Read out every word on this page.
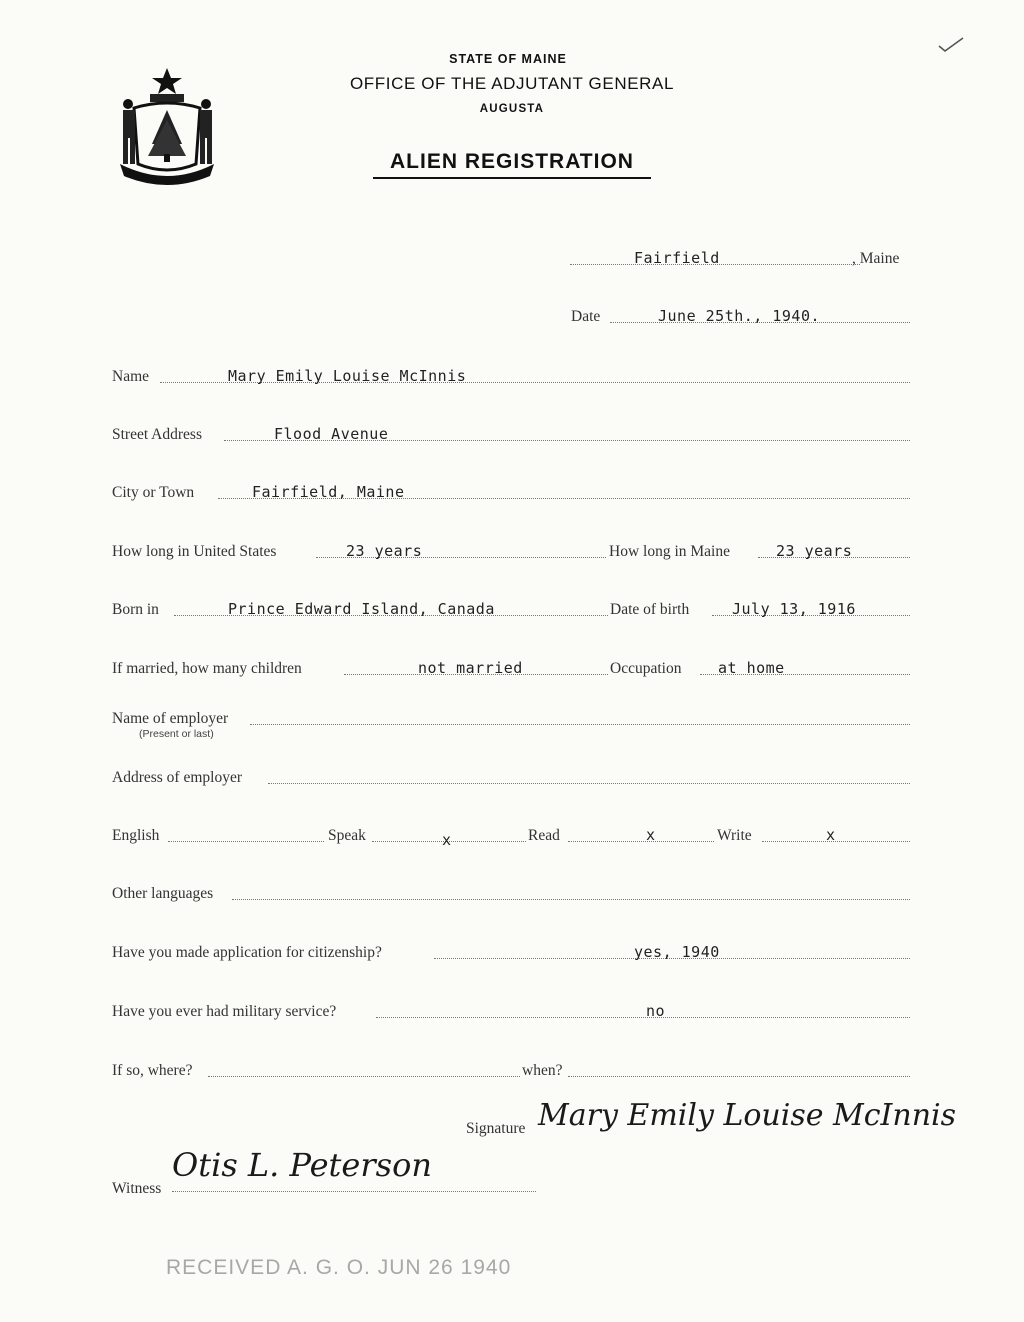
STATE OF MAINE
OFFICE OF THE ADJUTANT GENERAL
AUGUSTA
ALIEN REGISTRATION
Fairfield	, Maine
Date	June 25th., 1940.
Name	Mary Emily Louise McInnis
Street Address	Flood Avenue
City or Town	Fairfield, Maine
How long in United States	23 years	How long in Maine	23 years
Born in	Prince Edward Island, Canada	Date of birth	July 13, 1916
If married, how many children	not married	Occupation at home
Name of employer
(Present or last)
Address of employer
English	Speak	x	Read	x	Write	x
Other languages
Have you made application for citizenship?	yes, 1940
Have you ever had military service?	no
If so, where?	when?
Signature Mary Emily Louise McInnis
Witness
Otis L. Peterson
RECEIVED A. G. O. JUN 26 1940
